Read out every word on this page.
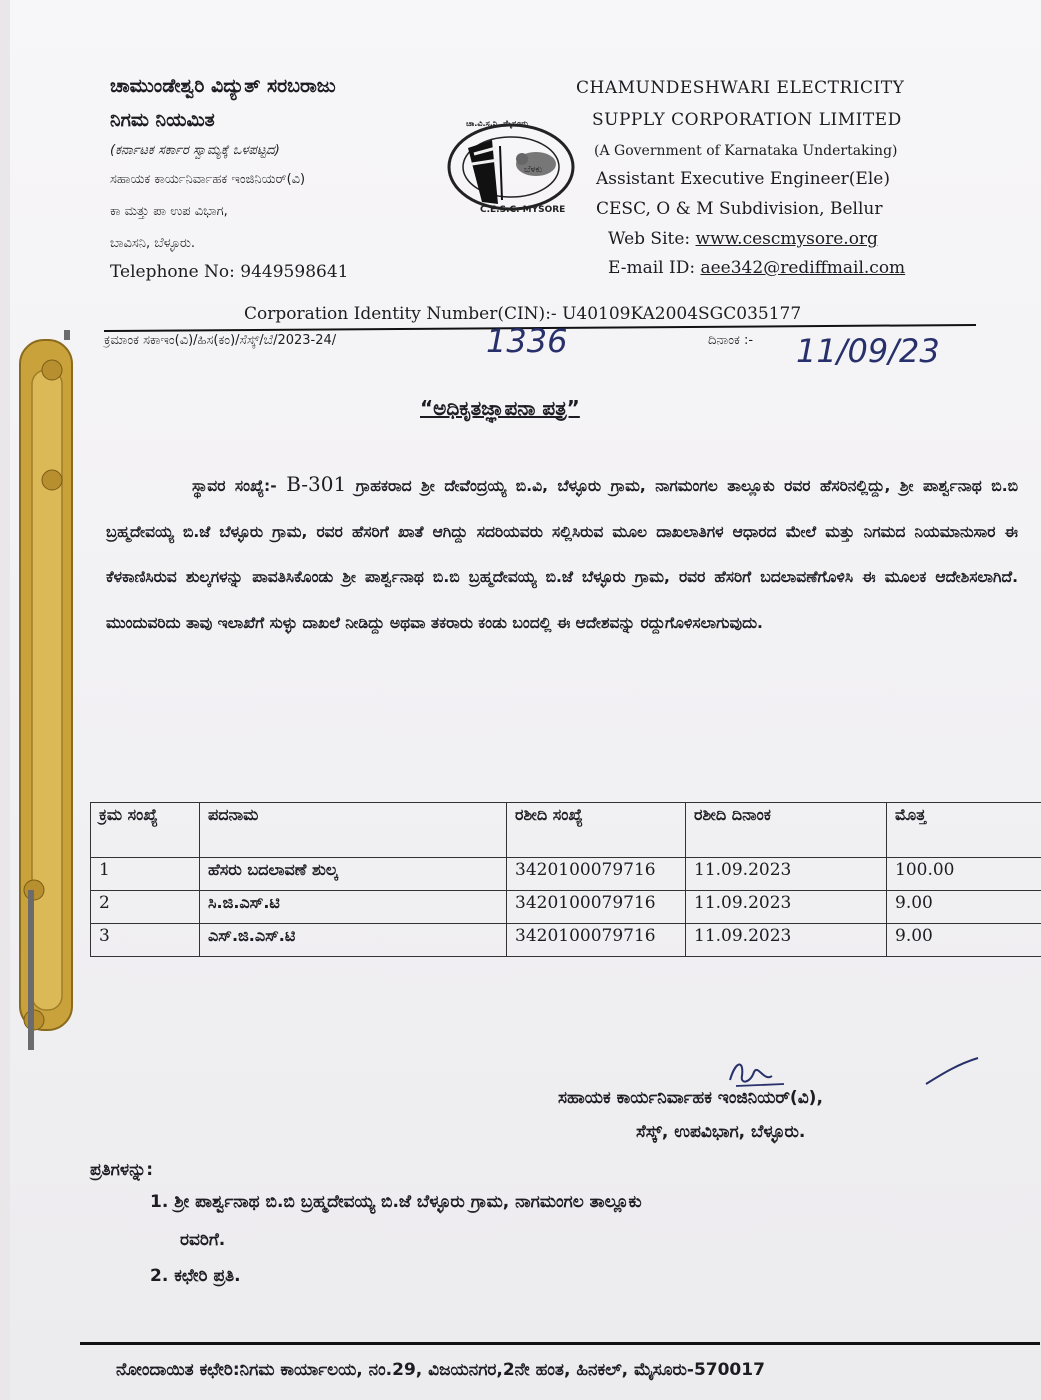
ಚಾಮುಂಡೇಶ್ವರಿ ವಿದ್ಯುತ್ ಸರಬರಾಜು
ನಿಗಮ ನಿಯಮಿತ
(ಕರ್ನಾಟಕ ಸರ್ಕಾರ ಸ್ವಾಮ್ಯಕ್ಕೆ ಒಳಪಟ್ಟದ)
ಸಹಾಯಕ ಕಾರ್ಯನಿರ್ವಾಹಕ ಇಂಜಿನಿಯರ್(ವಿ)
ಕಾ ಮತ್ತು ಪಾ ಉಪ ವಿಭಾಗ,
ಬಾವಿಸನಿ, ಬೆಳ್ಳೂರು.
Telephone No: 9449598641
ಬೆಳಕು
ಚಾ.ವಿ.ಸ.ನಿ. ಮೈಸೂರು
C.E.S.C. MYSORE
CHAMUNDESHWARI ELECTRICITY
SUPPLY CORPORATION LIMITED
(A Government of Karnataka Undertaking)
Assistant Executive Engineer(Ele)
CESC, O & M Subdivision, Bellur
Web Site: www.cescmysore.org
E-mail ID: aee342@rediffmail.com
Corporation Identity Number(CIN):- U40109KA2004SGC035177
ಕ್ರಮಾಂಕ ಸಕಾಇಂ(ವಿ)/ಹಿಸ(ಕಂ)/ಸೆಸ್ಕ್/ಬೆ/2023-24/	1336	ದಿನಾಂಕ :- 11/09/23
“ಅಧಿಕೃತಜ್ಞಾಪನಾ ಪತ್ರ”
ಸ್ಥಾವರ ಸಂಖ್ಯೆ:- B-301 ಗ್ರಾಹಕರಾದ ಶ್ರೀ ದೇವೆಂದ್ರಯ್ಯ ಬಿ.ವಿ, ಬೆಳ್ಳೂರು ಗ್ರಾಮ, ನಾಗಮಂಗಲ ತಾಲ್ಲೂಕು ರವರ ಹೆಸರಿನಲ್ಲಿದ್ದು, ಶ್ರೀ ಪಾರ್ಶ್ವನಾಥ ಬಿ.ಬಿ ಬ್ರಹ್ಮದೇವಯ್ಯ ಬಿ.ಜೆ ಬೆಳ್ಳೂರು ಗ್ರಾಮ, ರವರ ಹೆಸರಿಗೆ ಖಾತೆ ಆಗಿದ್ದು ಸದರಿಯವರು ಸಲ್ಲಿಸಿರುವ ಮೂಲ ದಾಖಲಾತಿಗಳ ಆಧಾರದ ಮೇಲೆ ಮತ್ತು ನಿಗಮದ ನಿಯಮಾನುಸಾರ ಈ ಕೆಳಕಾಣಿಸಿರುವ ಶುಲ್ಕಗಳನ್ನು ಪಾವತಿಸಿಕೊಂಡು ಶ್ರೀ ಪಾರ್ಶ್ವನಾಥ ಬಿ.ಬಿ ಬ್ರಹ್ಮದೇವಯ್ಯ ಬಿ.ಜೆ ಬೆಳ್ಳೂರು ಗ್ರಾಮ, ರವರ ಹೆಸರಿಗೆ ಬದಲಾವಣೆಗೊಳಿಸಿ ಈ ಮೂಲಕ ಆದೇಶಿಸಲಾಗಿದೆ. ಮುಂದುವರಿದು ತಾವು ಇಲಾಖೆಗೆ ಸುಳ್ಳು ದಾಖಲೆ ನೀಡಿದ್ದು ಅಥವಾ ತಕರಾರು ಕಂಡು ಬಂದಲ್ಲಿ ಈ ಆದೇಶವನ್ನು ರದ್ದುಗೊಳಿಸಲಾಗುವುದು.
ಕ್ರಮ ಸಂಖ್ಯೆ	ಪದನಾಮ	ರಶೀದಿ ಸಂಖ್ಯೆ	ರಶೀದಿ ದಿನಾಂಕ	ಮೊತ್ತ
1	ಹೆಸರು ಬದಲಾವಣೆ ಶುಲ್ಕ	3420100079716	11.09.2023	100.00
2	ಸಿ.ಜಿ.ಎಸ್.ಟಿ	3420100079716	11.09.2023	9.00
3	ಎಸ್.ಜಿ.ಎಸ್.ಟಿ	3420100079716	11.09.2023	9.00
ಸಹಾಯಕ ಕಾರ್ಯನಿರ್ವಾಹಕ ಇಂಜಿನಿಯರ್(ವಿ),
ಸೆಸ್ಕ್, ಉಪವಿಭಾಗ, ಬೆಳ್ಳೂರು.
ಪ್ರತಿಗಳನ್ನು:
1. ಶ್ರೀ ಪಾರ್ಶ್ವನಾಥ ಬಿ.ಬಿ ಬ್ರಹ್ಮದೇವಯ್ಯ ಬಿ.ಜೆ ಬೆಳ್ಳೂರು ಗ್ರಾಮ, ನಾಗಮಂಗಲ ತಾಲ್ಲೂಕು
ರವರಿಗೆ.
2. ಕಛೇರಿ ಪ್ರತಿ.
ನೋಂದಾಯಿತ ಕಛೇರಿ:ನಿಗಮ ಕಾರ್ಯಾಲಯ, ನಂ.29, ವಿಜಯನಗರ,2ನೇ ಹಂತ, ಹಿನಕಲ್, ಮೈಸೂರು-570017
